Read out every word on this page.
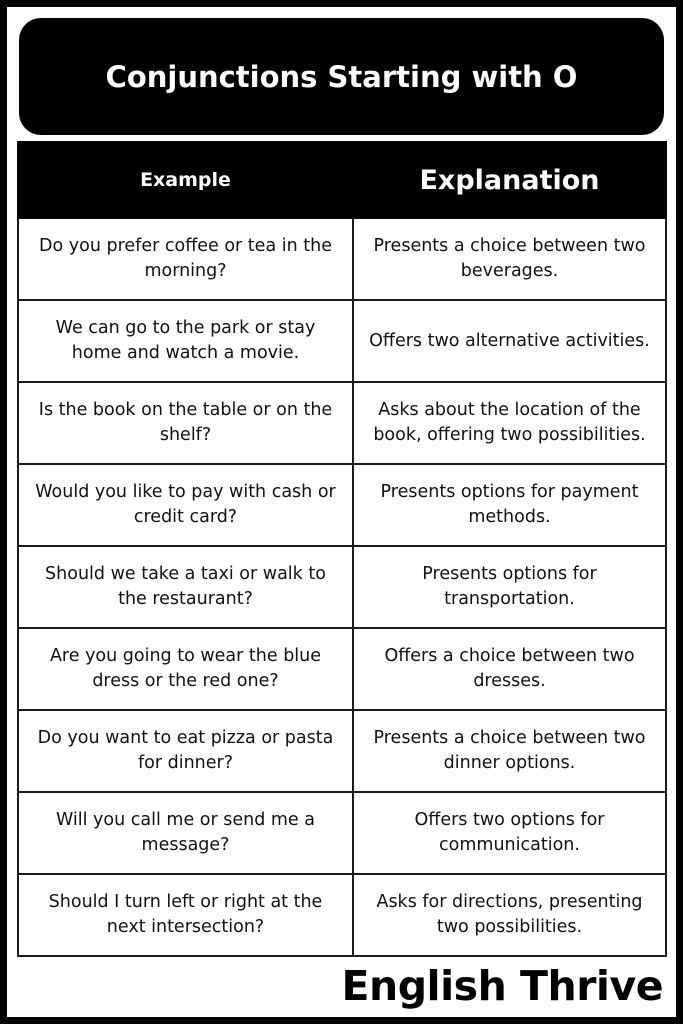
Conjunctions Starting with O
Example	Explanation
Do you prefer coffee or tea in the morning?	Presents a choice between two beverages.
We can go to the park or stay home and watch a movie.	Offers two alternative activities.
Is the book on the table or on the shelf?	Asks about the location of the book, offering two possibilities.
Would you like to pay with cash or credit card?	Presents options for payment methods.
Should we take a taxi or walk to the restaurant?	Presents options for transportation.
Are you going to wear the blue dress or the red one?	Offers a choice between two dresses.
Do you want to eat pizza or pasta for dinner?	Presents a choice between two dinner options.
Will you call me or send me a message?	Offers two options for communication.
Should I turn left or right at the next intersection?	Asks for directions, presenting two possibilities.
English Thrive
